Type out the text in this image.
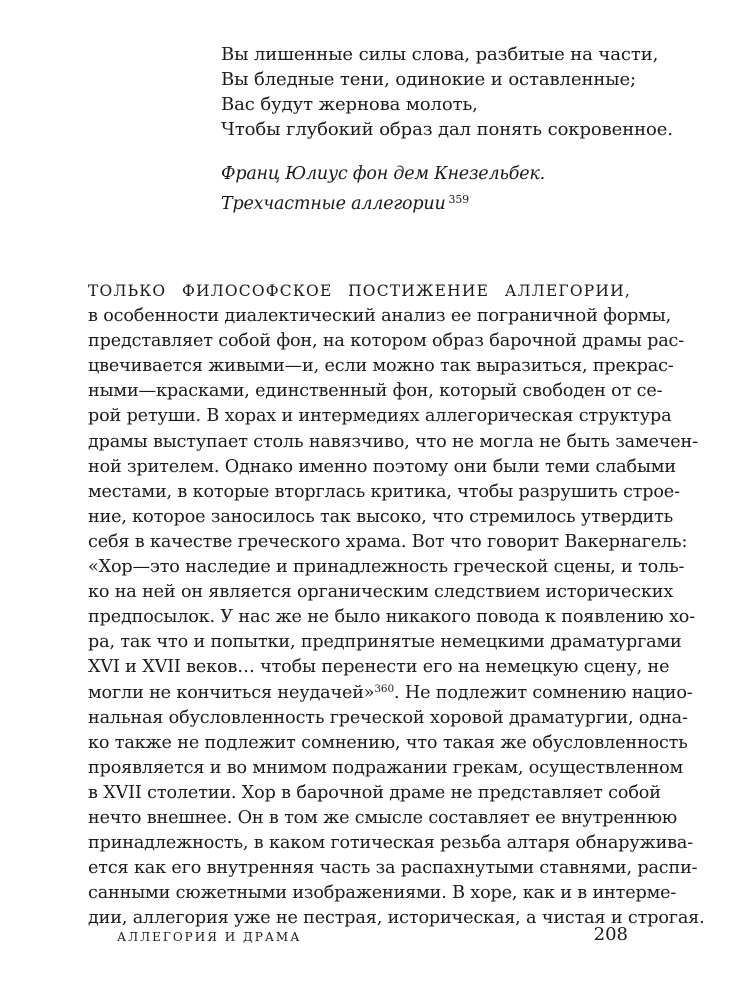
Вы лишенные силы слова, разбитые на части,
Вы бледные тени, одинокие и оставленные;
Вас будут жернова молоть,
Чтобы глубокий образ дал понять сокровенное.
Франц Юлиус фон дем Кнезельбек.
Трехчастные аллегории $^{359}$
ТОЛЬКО ФИЛОСОФСКОЕ ПОСТИЖЕНИЕ АЛЛЕГОРИИ,
в особенности диалектический анализ ее пограничной формы,
представляет собой фон, на котором образ барочной драмы рас-
цвечивается живыми—и, если можно так выразиться, прекрас-
ными—красками, единственный фон, который свободен от се-
рой ретуши. В хорах и интермедиях аллегорическая структура
драмы выступает столь навязчиво, что не могла не быть замечен-
ной зрителем. Однако именно поэтому они были теми слабыми
местами, в которые вторглась критика, чтобы разрушить строе-
ние, которое заносилось так высоко, что стремилось утвердить
себя в качестве греческого храма. Вот что говорит Вакернагель:
«Хор—это наследие и принадлежность греческой сцены, и толь-
ко на ней он является органическим следствием исторических
предпосылок. У нас же не было никакого повода к появлению хо-
ра, так что и попытки, предпринятые немецкими драматургами
XVI и XVII веков… чтобы перенести его на немецкую сцену, не
могли не кончиться неудачей»$^{360}$. Не подлежит сомнению нацио-
нальная обусловленность греческой хоровой драматургии, одна-
ко также не подлежит сомнению, что такая же обусловленность
проявляется и во мнимом подражании грекам, осуществленном
в XVII столетии. Хор в барочной драме не представляет собой
нечто внешнее. Он в том же смысле составляет ее внутреннюю
принадлежность, в каком готическая резьба алтаря обнаружива-
ется как его внутренняя часть за распахнутыми ставнями, распи-
санными сюжетными изображениями. В хоре, как и в интерме-
дии, аллегория уже не пестрая, историческая, а чистая и строгая.
АЛЛЕГОРИЯ И ДРАМА	208
